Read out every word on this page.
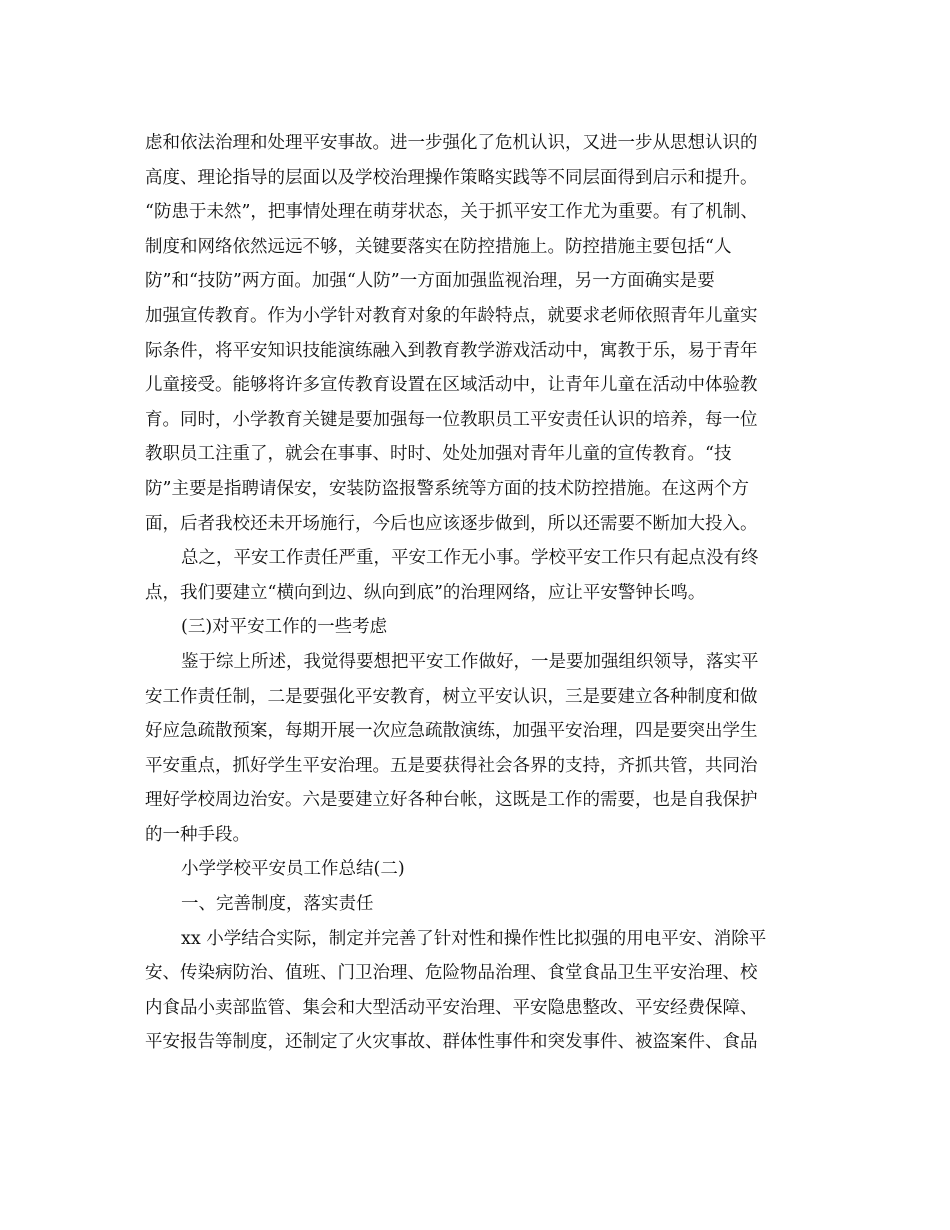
虑和依法治理和处理平安事故。进一步强化了危机认识，又进一步从思想认识的
高度、理论指导的层面以及学校治理操作策略实践等不同层面得到启示和提升。
“防患于未然”，把事情处理在萌芽状态，关于抓平安工作尤为重要。有了机制、
制度和网络依然远远不够，关键要落实在防控措施上。防控措施主要包括“人
防”和“技防”两方面。加强“人防”一方面加强监视治理，另一方面确实是要
加强宣传教育。作为小学针对教育对象的年龄特点，就要求老师依照青年儿童实
际条件，将平安知识技能演练融入到教育教学游戏活动中，寓教于乐，易于青年
儿童接受。能够将许多宣传教育设置在区域活动中，让青年儿童在活动中体验教
育。同时，小学教育关键是要加强每一位教职员工平安责任认识的培养，每一位
教职员工注重了，就会在事事、时时、处处加强对青年儿童的宣传教育。“技
防”主要是指聘请保安，安装防盗报警系统等方面的技术防控措施。在这两个方
面，后者我校还未开场施行，今后也应该逐步做到，所以还需要不断加大投入。
总之，平安工作责任严重，平安工作无小事。学校平安工作只有起点没有终
点，我们要建立“横向到边、纵向到底”的治理网络，应让平安警钟长鸣。
(三)对平安工作的一些考虑
鉴于综上所述，我觉得要想把平安工作做好，一是要加强组织领导，落实平
安工作责任制，二是要强化平安教育，树立平安认识，三是要建立各种制度和做
好应急疏散预案，每期开展一次应急疏散演练，加强平安治理，四是要突出学生
平安重点，抓好学生平安治理。五是要获得社会各界的支持，齐抓共管，共同治
理好学校周边治安。六是要建立好各种台帐，这既是工作的需要，也是自我保护
的一种手段。
小学学校平安员工作总结(二)
一、完善制度，落实责任
xx 小学结合实际，制定并完善了针对性和操作性比拟强的用电平安、消除平
安、传染病防治、值班、门卫治理、危险物品治理、食堂食品卫生平安治理、校
内食品小卖部监管、集会和大型活动平安治理、平安隐患整改、平安经费保障、
平安报告等制度，还制定了火灾事故、群体性事件和突发事件、被盗案件、食品
